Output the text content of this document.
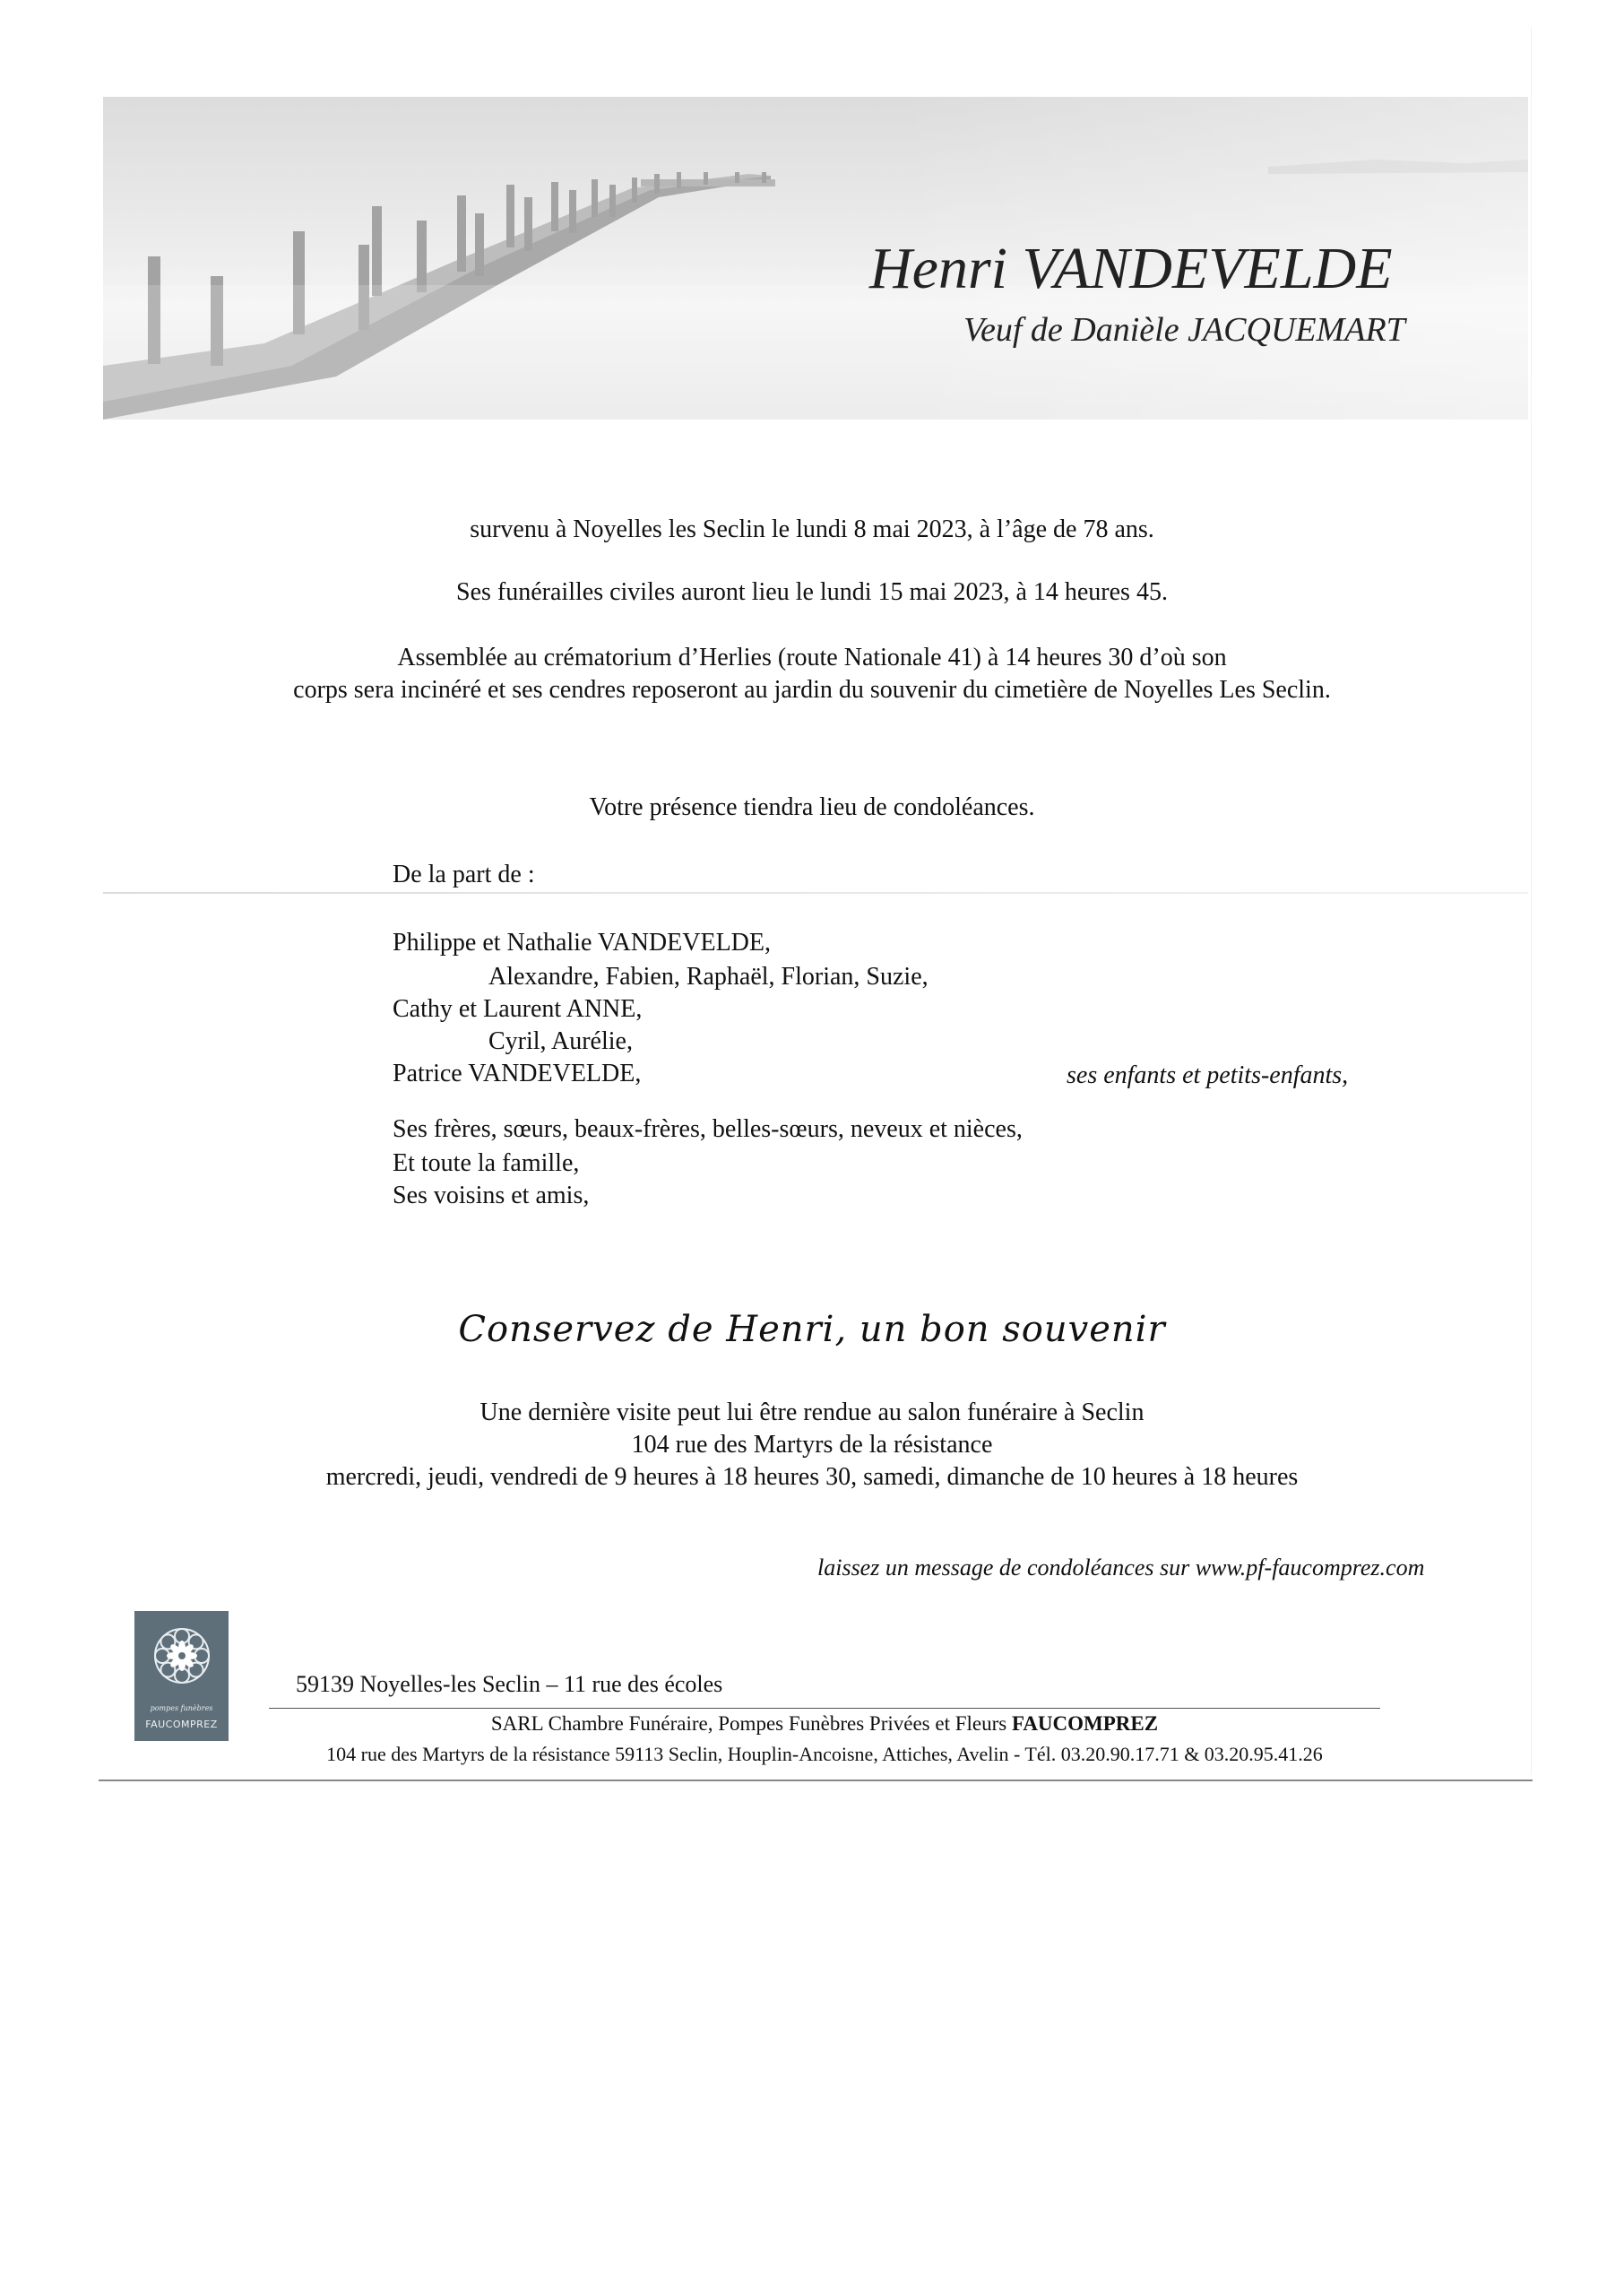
Henri VANDEVELDE
Veuf de Danièle JACQUEMART
survenu à Noyelles les Seclin le lundi 8 mai 2023, à l’âge de 78 ans.
Ses funérailles civiles auront lieu le lundi 15 mai 2023, à 14 heures 45.
Assemblée au crématorium d’Herlies (route Nationale 41) à 14 heures 30 d’où son
corps sera incinéré et ses cendres reposeront au jardin du souvenir du cimetière de Noyelles Les Seclin.
Votre présence tiendra lieu de condoléances.
De la part de :
Philippe et Nathalie VANDEVELDE,
Alexandre, Fabien, Raphaël, Florian, Suzie,
Cathy et Laurent ANNE,
Cyril, Aurélie,
Patrice VANDEVELDE,	ses enfants et petits-enfants,
Ses frères, sœurs, beaux-frères, belles-sœurs, neveux et nièces,
Et toute la famille,
Ses voisins et amis,
Conservez de Henri, un bon souvenir
Une dernière visite peut lui être rendue au salon funéraire à Seclin
104 rue des Martyrs de la résistance
mercredi, jeudi, vendredi de 9 heures à 18 heures 30, samedi, dimanche de 10 heures à 18 heures
laissez un message de condoléances sur www.pf-faucomprez.com
pompes funèbres
FAUCOMPREZ
59139 Noyelles-les Seclin – 11 rue des écoles
SARL Chambre Funéraire, Pompes Funèbres Privées et Fleurs FAUCOMPREZ
104 rue des Martyrs de la résistance 59113 Seclin, Houplin-Ancoisne, Attiches, Avelin - Tél. 03.20.90.17.71 & 03.20.95.41.26
